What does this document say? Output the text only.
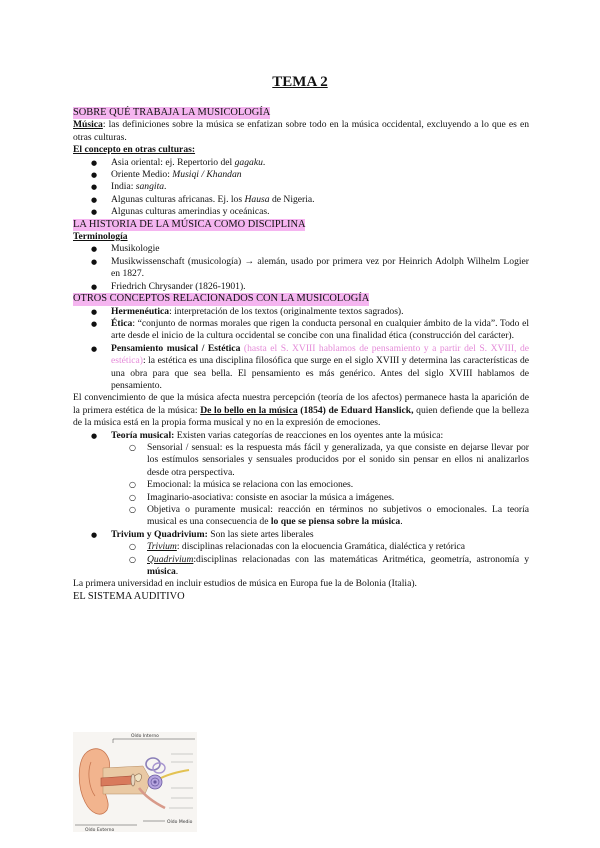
TEMA 2
SOBRE QUÉ TRABAJA LA MUSICOLOGÍA

Música: las definiciones sobre la música se enfatizan sobre todo en la música occidental, excluyendo a lo que es en otras culturas.

El concepto en otras culturas:

● Asia oriental: ej. Repertorio del gagaku.
● Oriente Medio: Musiqi / Khandan
● India: sangita.
● Algunas culturas africanas. Ej. los Hausa de Nigeria.
● Algunas culturas amerindias y oceánicas.
LA HISTORIA DE LA MÚSICA COMO DISCIPLINA

Terminología

● Musikologie
● Musikwissenschaft (musicología) → alemán, usado por primera vez por Heinrich Adolph Wilhelm Logier en 1827.
● Friedrich Chrysander (1826-1901).
OTROS CONCEPTOS RELACIONADOS CON LA MUSICOLOGÍA
● Hermenéutica: interpretación de los textos (originalmente textos sagrados).
● Ética: “conjunto de normas morales que rigen la conducta personal en cualquier ámbito de la vida”. Todo el arte desde el inicio de la cultura occidental se concibe con una finalidad ética (construcción del carácter).
● Pensamiento musical / Estética (hasta el S. XVIII hablamos de pensamiento y a partir del S. XVIII, de estética): la estética es una disciplina filosófica que surge en el siglo XVIII y determina las características de una obra para que sea bella. El pensamiento es más genérico. Antes del siglo XVIII hablamos de pensamiento.

El convencimiento de que la música afecta nuestra percepción (teoría de los afectos) permanece hasta la aparición de la primera estética de la música: De lo bello en la música (1854) de Eduard Hanslick, quien defiende que la belleza de la música está en la propia forma musical y no en la expresión de emociones.

● Teoría musical: Existen varias categorías de reacciones en los oyentes ante la música:
○ Sensorial / sensual: es la respuesta más fácil y generalizada, ya que consiste en dejarse llevar por los estímulos sensoriales y sensuales producidos por el sonido sin pensar en ellos ni analizarlos desde otra perspectiva.
○ Emocional: la música se relaciona con las emociones.
○ Imaginario-asociativa: consiste en asociar la música a imágenes.
○ Objetiva o puramente musical: reacción en términos no subjetivos o emocionales. La teoría musical es una consecuencia de lo que se piensa sobre la música.
● Trivium y Quadrivium: Son las siete artes liberales
○ Trivium: disciplinas relacionadas con la elocuencia Gramática, dialéctica y retórica
○ Quadrivium:disciplinas relacionadas con las matemáticas Aritmética, geometría, astronomía y música.

La primera universidad en incluir estudios de música en Europa fue la de Bolonia (Italia).

EL SISTEMA AUDITIVO
Oído Interno
Oído Medio
Oído Externo
